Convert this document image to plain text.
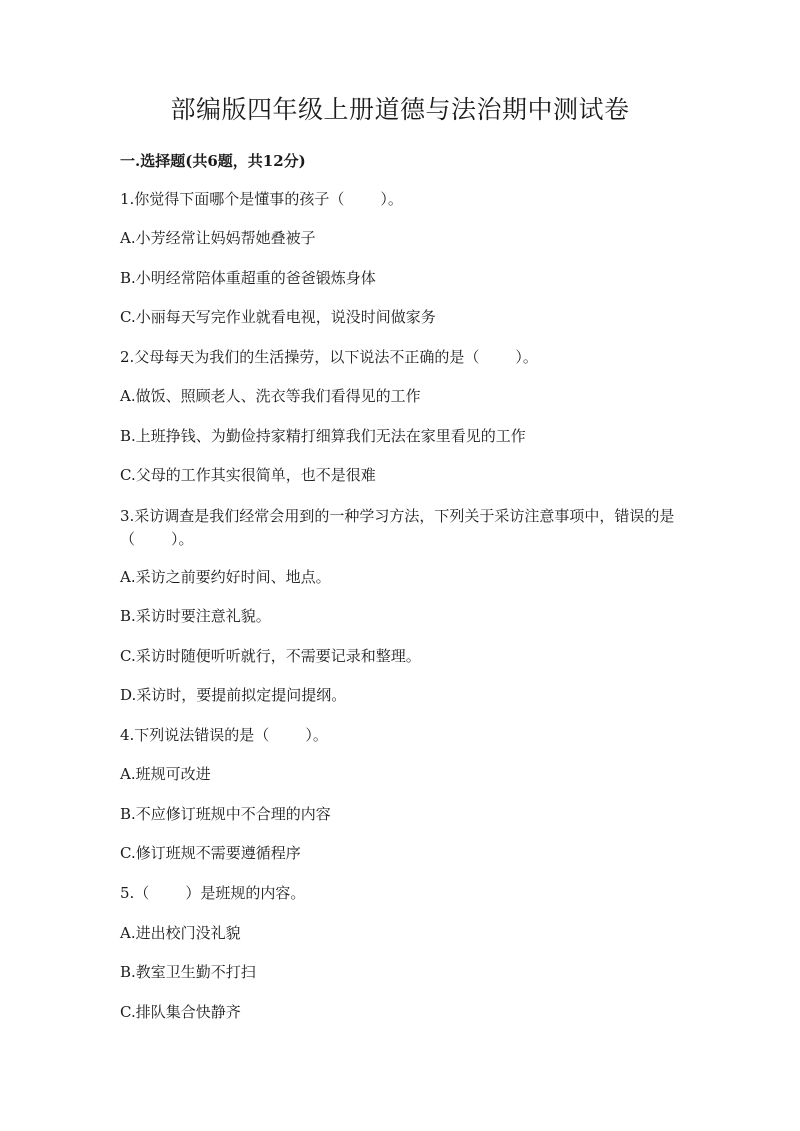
部编版四年级上册道德与法治期中测试卷
一.选择题(共6题，共12分)

1.你觉得下面哪个是懂事的孩子（ ）。

A.小芳经常让妈妈帮她叠被子

B.小明经常陪体重超重的爸爸锻炼身体

C.小丽每天写完作业就看电视，说没时间做家务

2.父母每天为我们的生活操劳，以下说法不正确的是（ ）。

A.做饭、照顾老人、洗衣等我们看得见的工作

B.上班挣钱、为勤俭持家精打细算我们无法在家里看见的工作

C.父母的工作其实很简单，也不是很难

3.采访调查是我们经常会用到的一种学习方法，下列关于采访注意事项中，错误的是（ ）。

A.采访之前要约好时间、地点。

B.采访时要注意礼貌。

C.采访时随便听听就行，不需要记录和整理。

D.采访时，要提前拟定提问提纲。

4.下列说法错误的是（ ）。

A.班规可改进

B.不应修订班规中不合理的内容

C.修订班规不需要遵循程序

5.（ ）是班规的内容。

A.进出校门没礼貌

B.教室卫生勤不打扫

C.排队集合快静齐
